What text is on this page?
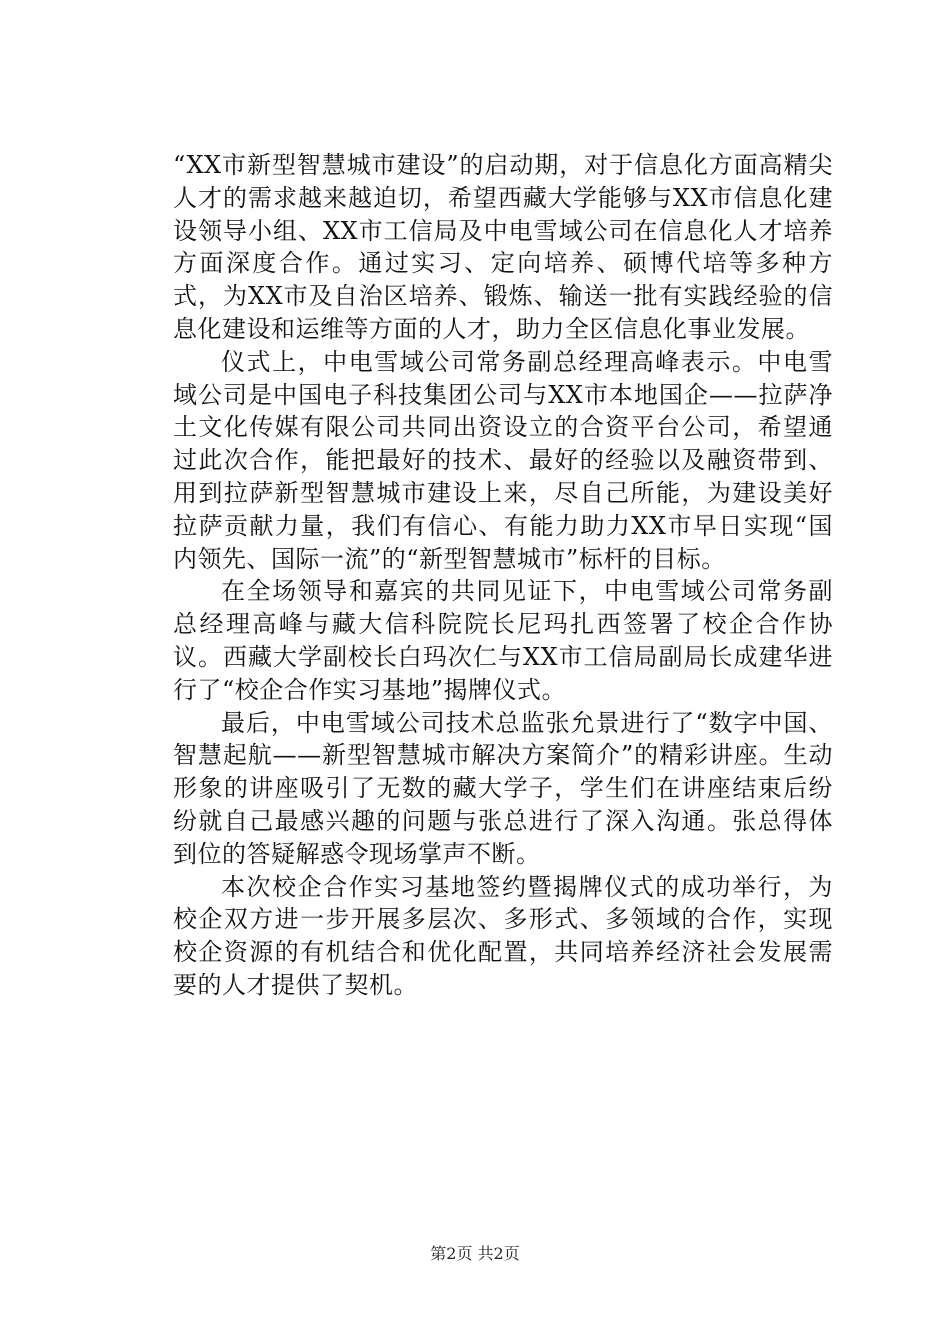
“XX市新型智慧城市建设”的启动期，对于信息化方面高精尖人才的需求越来越迫切，希望西藏大学能够与XX市信息化建设领导小组、XX市工信局及中电雪域公司在信息化人才培养方面深度合作。通过实习、定向培养、硕博代培等多种方式，为XX市及自治区培养、锻炼、输送一批有实践经验的信息化建设和运维等方面的人才，助力全区信息化事业发展。

仪式上，中电雪域公司常务副总经理高峰表示。中电雪域公司是中国电子科技集团公司与XX市本地国企——拉萨净土文化传媒有限公司共同出资设立的合资平台公司，希望通过此次合作，能把最好的技术、最好的经验以及融资带到、用到拉萨新型智慧城市建设上来，尽自己所能，为建设美好拉萨贡献力量，我们有信心、有能力助力XX市早日实现“国内领先、国际一流”的“新型智慧城市”标杆的目标。

在全场领导和嘉宾的共同见证下，中电雪域公司常务副总经理高峰与藏大信科院院长尼玛扎西签署了校企合作协议。西藏大学副校长白玛次仁与XX市工信局副局长成建华进行了“校企合作实习基地”揭牌仪式。

最后，中电雪域公司技术总监张允景进行了“数字中国、智慧起航——新型智慧城市解决方案简介”的精彩讲座。生动形象的讲座吸引了无数的藏大学子，学生们在讲座结束后纷纷就自己最感兴趣的问题与张总进行了深入沟通。张总得体到位的答疑解惑令现场掌声不断。

本次校企合作实习基地签约暨揭牌仪式的成功举行，为校企双方进一步开展多层次、多形式、多领域的合作，实现校企资源的有机结合和优化配置，共同培养经济社会发展需要的人才提供了契机。

第2页 共2页
